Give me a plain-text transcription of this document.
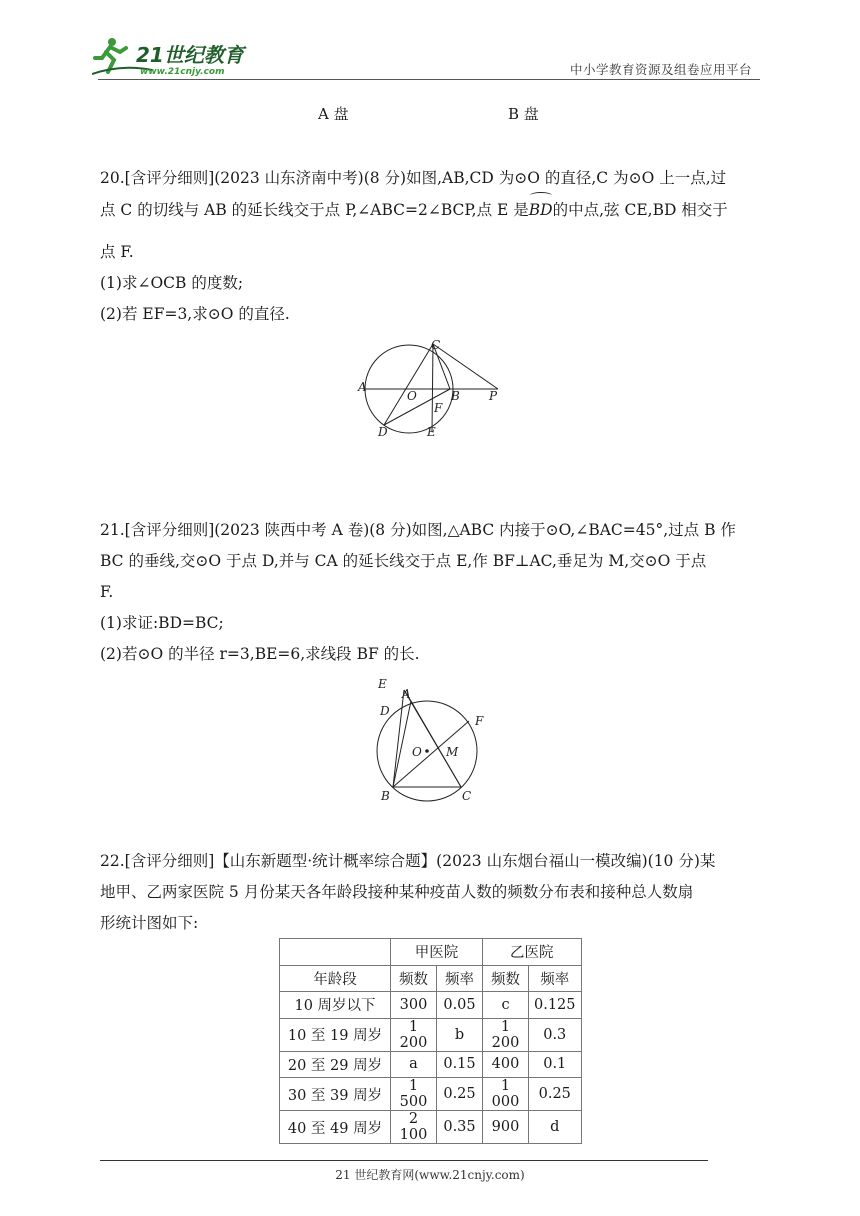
21世纪教育
www.21cnjy.com	中小学教育资源及组卷应用平台
A 盘	B 盘

20.[含评分细则](2023 山东济南中考)(8 分)如图,AB,CD 为⊙O 的直径,C 为⊙O 上一点,过

点 C 的切线与 AB 的延长线交于点 P,∠ABC=2∠BCP,点 E 是BD的中点,弦 CE,BD 相交于

点 F.

(1)求∠OCB 的度数;

(2)若 EF=3,求⊙O 的直径.

A
O	B P
C
D	E
F

21.[含评分细则](2023 陕西中考 A 卷)(8 分)如图,△ABC 内接于⊙O,∠BAC=45°,过点 B 作

BC 的垂线,交⊙O 于点 D,并与 CA 的延长线交于点 E,作 BF⊥AC,垂足为 M,交⊙O 于点

F.

(1)求证:BD=BC;

(2)若⊙O 的半径 r=3,BE=6,求线段 BF 的长.

E
A
D
F
O M
B	C

22.[含评分细则]【山东新题型·统计概率综合题】(2023 山东烟台福山一模改编)(10 分)某

地甲、乙两家医院 5 月份某天各年龄段接种某种疫苗人数的频数分布表和接种总人数扇

形统计图如下:

	甲医院		乙医院	
年龄段	频数	频率	频数	频率
10 周岁以下	300	0.05	c	0.125
10 至 19 周岁	1 200	b	1 200	0.3
20 至 29 周岁	a	0.15	400	0.1
30 至 39 周岁	1 500	0.25	1 000	0.25
40 至 49 周岁	2 100	0.35	900	d
21 世纪教育网(www.21cnjy.com)
